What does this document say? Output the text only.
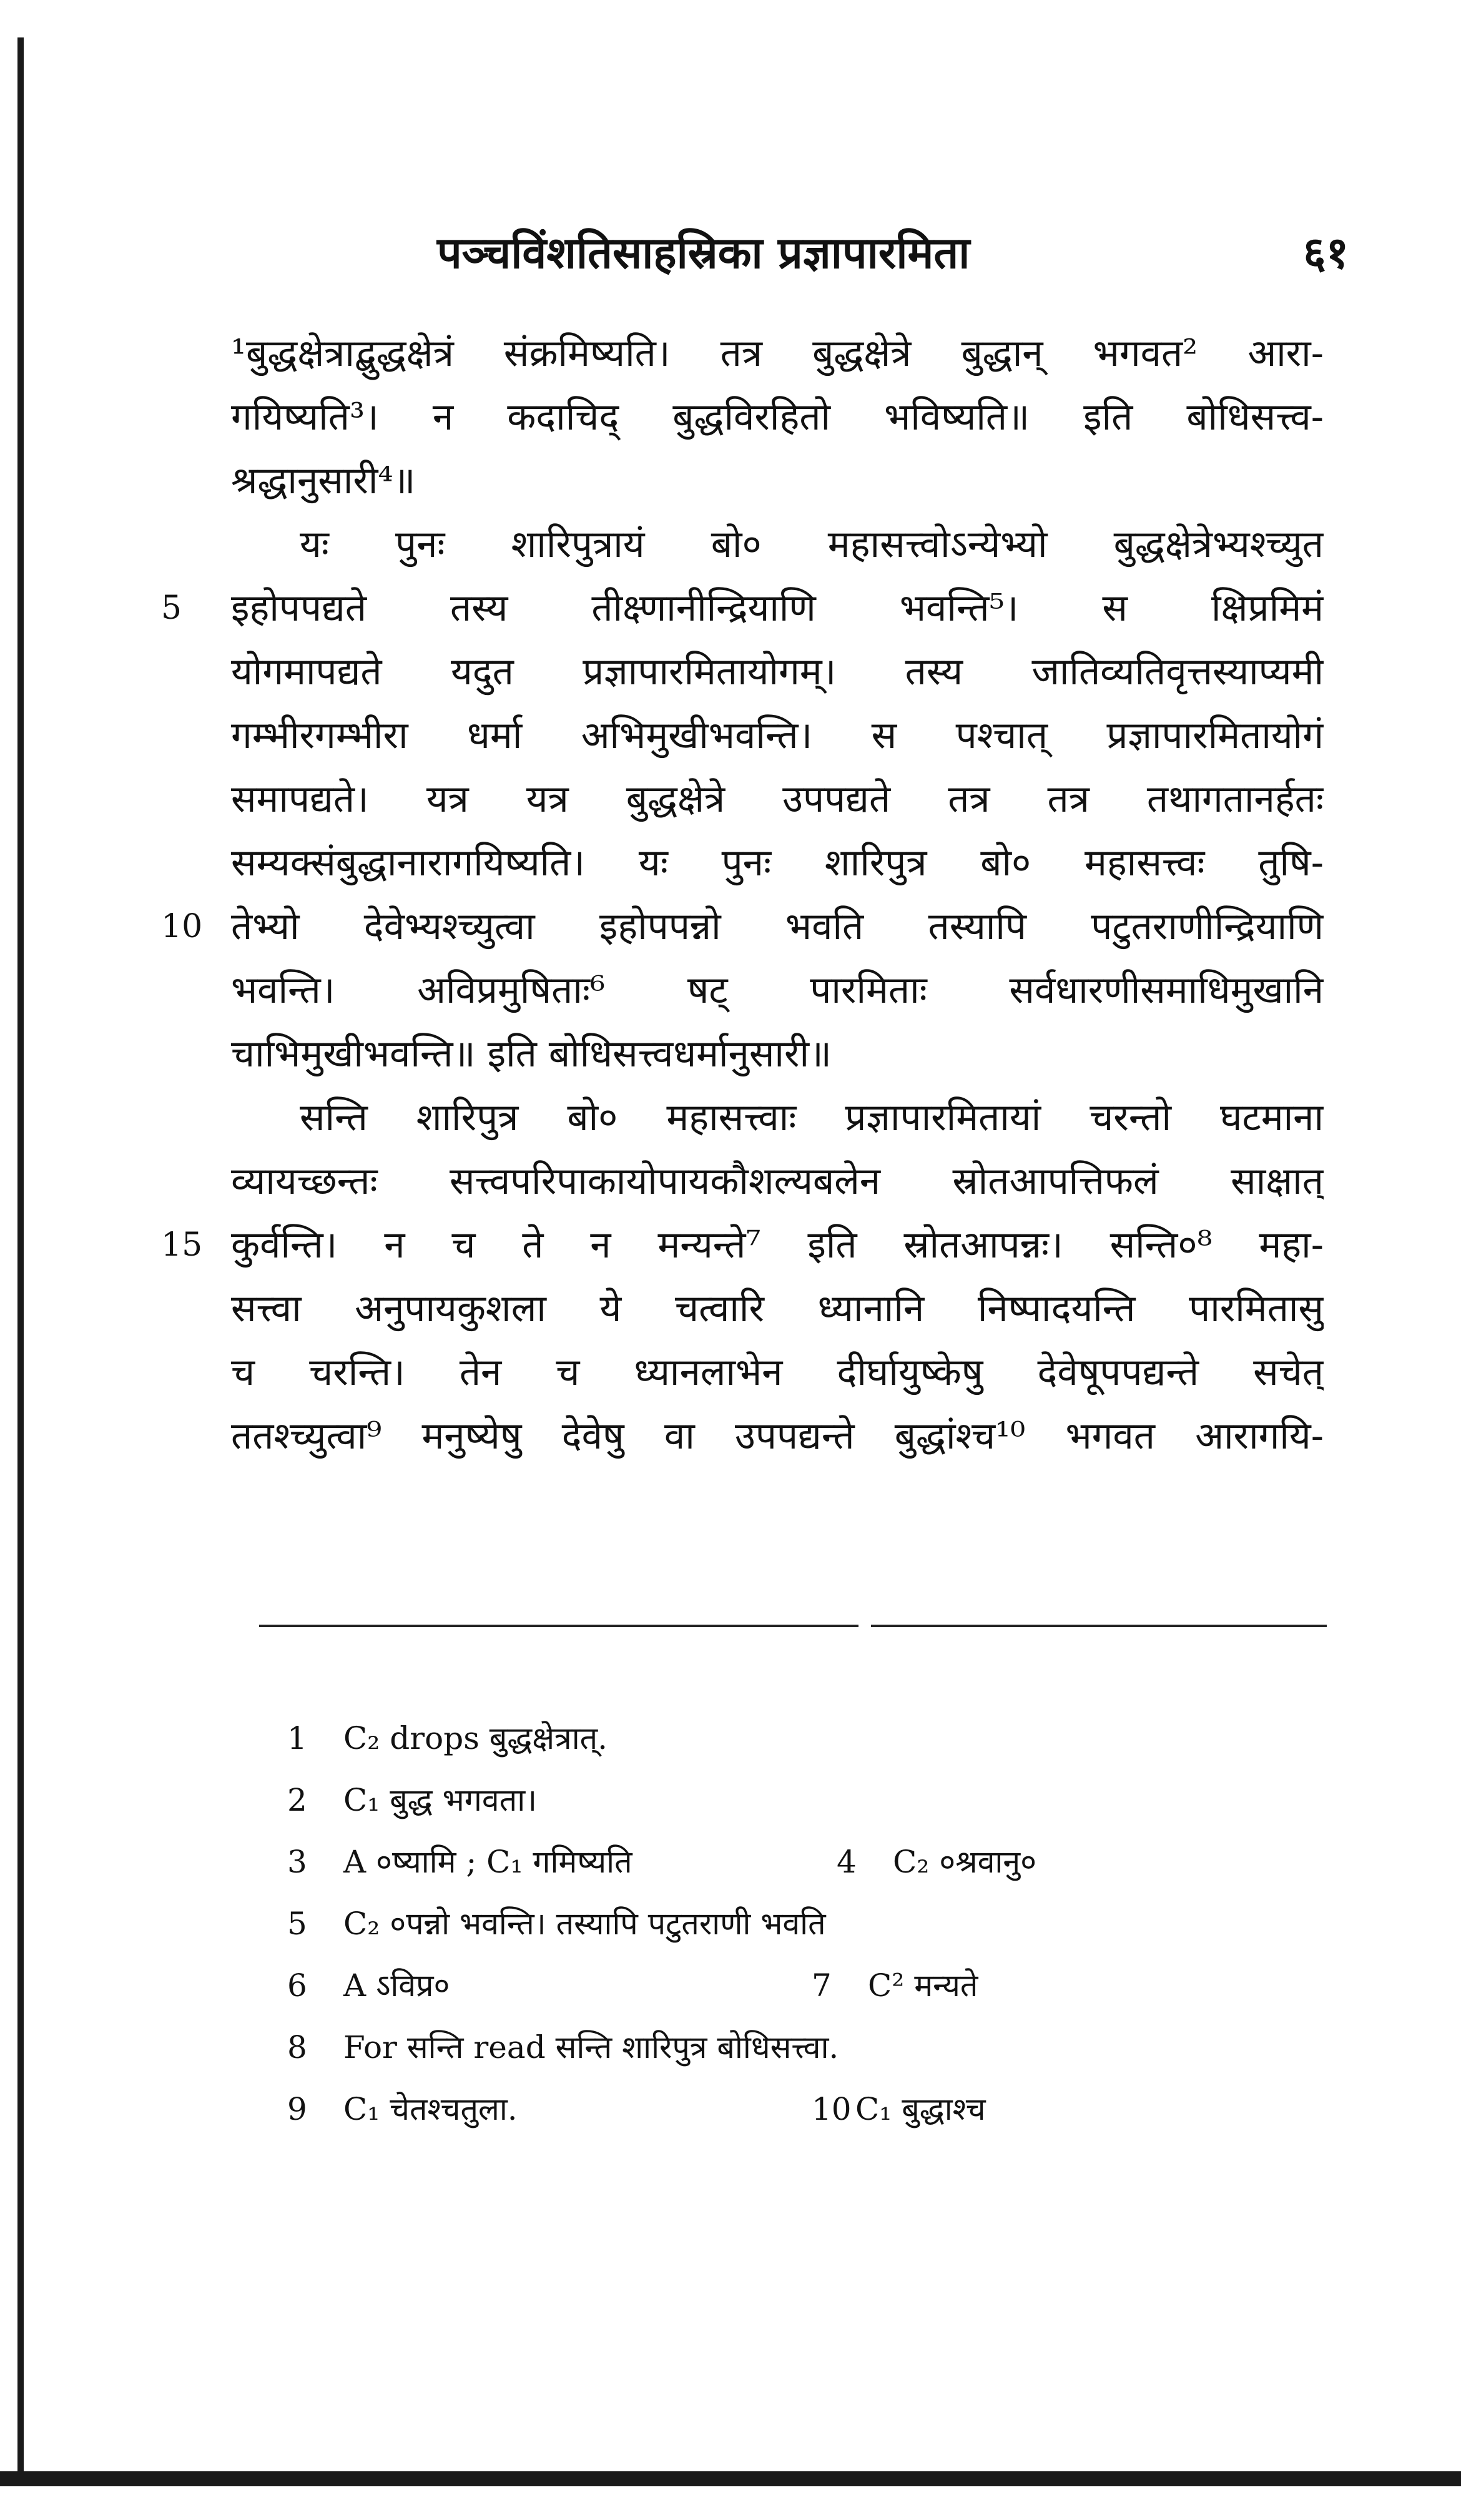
पञ्चविंशतिसाहस्रिका प्रज्ञापारमिता	६१
¹बुद्धक्षेत्राद्बुद्धक्षेत्रं संक्रमिष्यति। तत्र बुद्धक्षेत्रे बुद्धान् भगवत² आरा-
गयिष्यति³। न कदाचिद् बुद्धविरहितो भविष्यति॥ इति बोधिसत्त्व-
श्रद्धानुसारी⁴॥
यः पुनः शारिपुत्रायं बो० महासत्त्वोऽन्येभ्यो बुद्धक्षेत्रेभ्यश्च्युत
इहोपपद्यते तस्य तीक्ष्णानीन्द्रियाणि भवन्ति⁵। स क्षिप्रमिमं
योगमापद्यते यदुत प्रज्ञापारमितायोगम्। तस्य जातिव्यतिवृत्तस्याप्यमी
गम्भीरगम्भीरा धर्मा अभिमुखीभवन्ति। स पश्चात् प्रज्ञापारमितायोगं
समापद्यते। यत्र यत्र बुद्धक्षेत्रे उपपद्यते तत्र तत्र तथागतानर्हतः
सम्यक्संबुद्धानारागयिष्यति। यः पुनः शारिपुत्र बो० महासत्त्वः तुषि-
तेभ्यो देवेभ्यश्च्युत्वा इहोपपन्नो भवति तस्यापि पटुतराणीन्द्रियाणि
भवन्ति। अविप्रमुषिताः⁶ षट् पारमिताः सर्वधारणीसमाधिमुखानि
चाभिमुखीभवन्ति॥ इति बोधिसत्त्वधर्मानुसारी॥
सन्ति शारिपुत्र बो० महासत्त्वाः प्रज्ञापारमितायां चरन्तो घटमाना
व्यायच्छन्तः सत्त्वपरिपाकायोपायकौशल्यबलेन स्रोतआपत्तिफलं साक्षात्
कुर्वन्ति। न च ते न मन्यन्ते⁷ इति स्रोतआपन्नः। सन्ति०⁸ महा-
सत्त्वा अनुपायकुशला ये चत्वारि ध्यानानि निष्पादयन्ति पारमितासु
च चरन्ति। तेन च ध्यानलाभेन दीर्घायुष्केषु देवेषूपपद्यन्ते सचेत्
ततश्च्युत्वा⁹ मनुष्येषु देवेषु वा उपपद्यन्ते बुद्धांश्च¹⁰ भगवत आरागयि-
5
10
15
1 C₂ drops बुद्धक्षेत्रात्.
2 C₁ बुद्ध भगवता।
3 A ०ष्यामि ; C₁ गमिष्यति	4 C₂ ०श्रवानु०
5 C₂ ०पन्नो भवन्ति। तस्यापि पटुतराणी भवति
6 A ऽविप्र०	7 C² मन्यते
8 For सन्ति read सन्ति शारिपुत्र बोधिसत्त्वा.
9 C₁ चेतश्चतुला.	10 C₁ बुद्धाश्च
